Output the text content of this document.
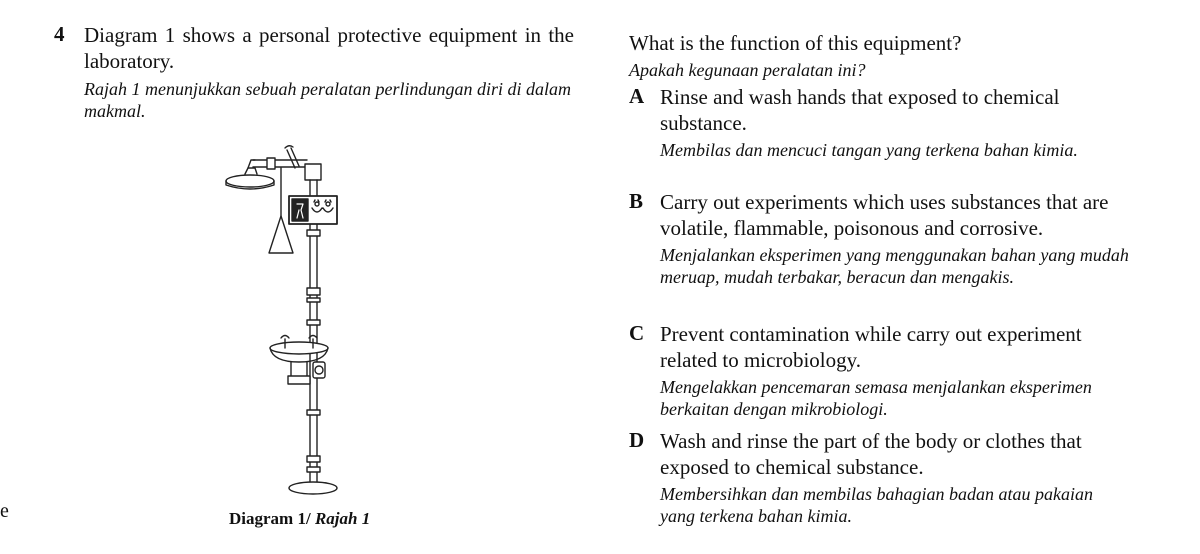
e
4 Diagram 1 shows a personal protective equipment in the laboratory.
Rajah 1 menunjukkan sebuah peralatan perlindungan diri di dalam makmal.
Diagram 1/ Rajah 1
What is the function of this equipment?
Apakah kegunaan peralatan ini?
A Rinse and wash hands that exposed to chemical substance.
Membilas dan mencuci tangan yang terkena bahan kimia.
B Carry out experiments which uses substances that are volatile, flammable, poisonous and corrosive.
Menjalankan eksperimen yang menggunakan bahan yang mudah meruap, mudah terbakar, beracun dan mengakis.
C Prevent contamination while carry out experiment related to microbiology.
Mengelakkan pencemaran semasa menjalankan eksperimen berkaitan dengan mikrobiologi.
D Wash and rinse the part of the body or clothes that exposed to chemical substance.
Membersihkan dan membilas bahagian badan atau pakaian yang terkena bahan kimia.
